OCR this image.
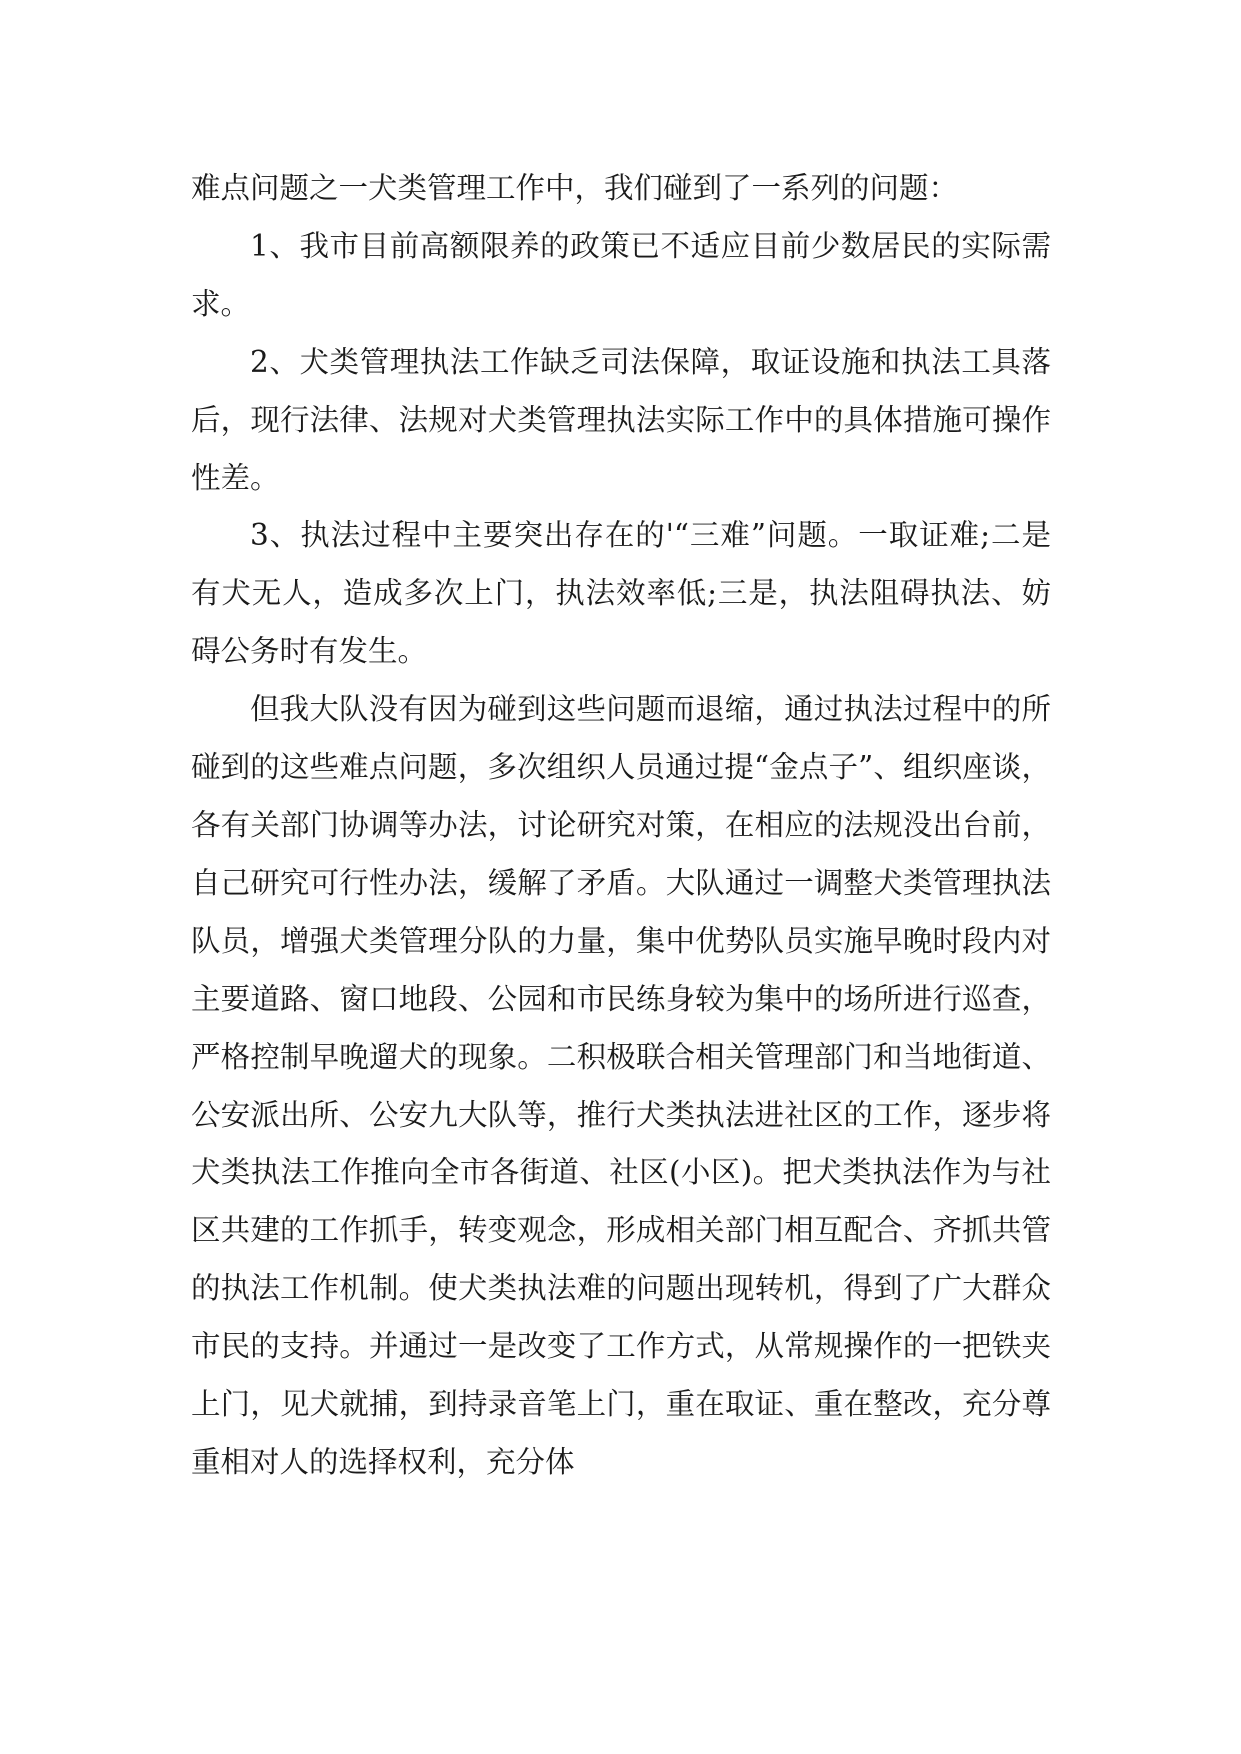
难点问题之一犬类管理工作中，我们碰到了一系列的问题：

1、我市目前高额限养的政策已不适应目前少数居民的实际需求。

2、犬类管理执法工作缺乏司法保障，取证设施和执法工具落后，现行法律、法规对犬类管理执法实际工作中的具体措施可操作性差。

3、执法过程中主要突出存在的'“三难”问题。一取证难;二是有犬无人，造成多次上门，执法效率低;三是，执法阻碍执法、妨碍公务时有发生。

但我大队没有因为碰到这些问题而退缩，通过执法过程中的所碰到的这些难点问题，多次组织人员通过提“金点子”、组织座谈，各有关部门协调等办法，讨论研究对策，在相应的法规没出台前，自己研究可行性办法，缓解了矛盾。大队通过一调整犬类管理执法队员，增强犬类管理分队的力量，集中优势队员实施早晚时段内对主要道路、窗口地段、公园和市民练身较为集中的场所进行巡查，严格控制早晚遛犬的现象。二积极联合相关管理部门和当地街道、公安派出所、公安九大队等，推行犬类执法进社区的工作，逐步将犬类执法工作推向全市各街道、社区(小区)。把犬类执法作为与社区共建的工作抓手，转变观念，形成相关部门相互配合、齐抓共管的执法工作机制。使犬类执法难的问题出现转机，得到了广大群众市民的支持。并通过一是改变了工作方式，从常规操作的一把铁夹上门，见犬就捕，到持录音笔上门，重在取证、重在整改，充分尊重相对人的选择权利，充分体
